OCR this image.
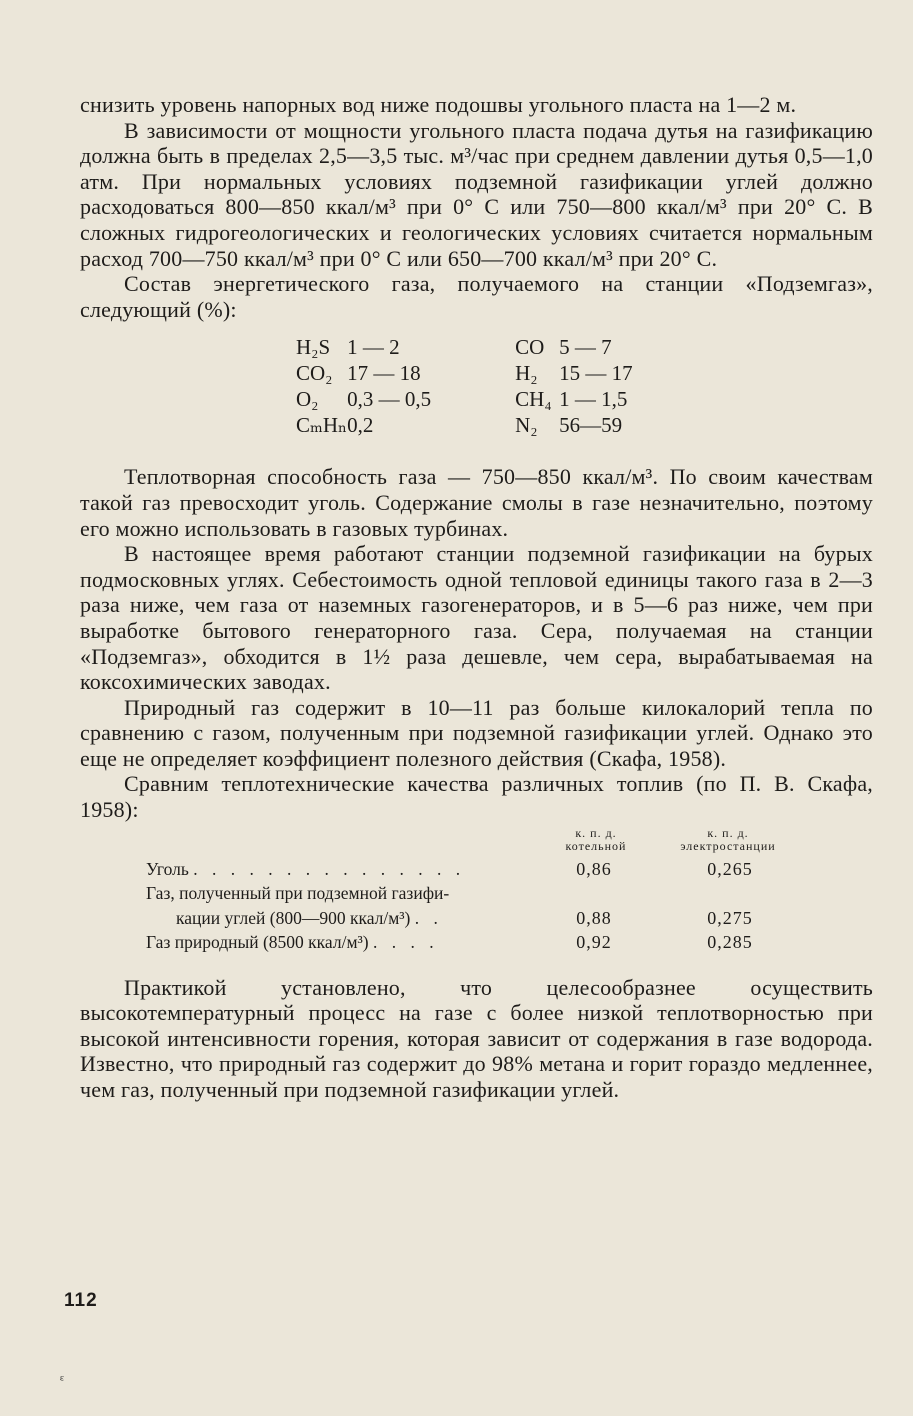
снизить уровень напорных вод ниже подошвы угольного пласта на 1—2 м.
В зависимости от мощности угольного пласта подача дутья на газификацию должна быть в пределах 2,5—3,5 тыс. м³/час при среднем давлении дутья 0,5—1,0 атм. При нормальных условиях подземной газификации углей должно расходоваться 800—850 ккал/м³ при 0° С или 750—800 ккал/м³ при 20° С. В сложных гидрогеологических и геологических условиях считается нормальным расход 700—750 ккал/м³ при 0° С или 650—700 ккал/м³ при 20° С.
Состав энергетического газа, получаемого на станции «Подземгаз», следующий (%):
H₂S	1 — 2	CO	5 — 7
CO₂	17 — 18	H₂	15 — 17
O₂	0,3 — 0,5	CH₄	1 — 1,5
CₘHₙ	0,2	N₂	56—59
Теплотворная способность газа — 750—850 ккал/м³. По своим качествам такой газ превосходит уголь. Содержание смолы в газе незначительно, поэтому его можно использовать в газовых турбинах.
В настоящее время работают станции подземной газификации на бурых подмосковных углях. Себестоимость одной тепловой единицы такого газа в 2—3 раза ниже, чем газа от наземных газогенераторов, и в 5—6 раз ниже, чем при выработке бытового генераторного газа. Сера, получаемая на станции «Подземгаз», обходится в 1½ раза дешевле, чем сера, вырабатываемая на коксохимических заводах.
Природный газ содержит в 10—11 раз больше килокалорий тепла по сравнению с газом, полученным при подземной газификации углей. Однако это еще не определяет коэффициент полезного действия (Скафа, 1958).
Сравним теплотехнические качества различных топлив (по П. В. Скафа, 1958):
к. п. д. котельной
к. п. д. электростанции
Уголь . . . . . . . . . . . . . . .	0,86	0,265
Газ, полученный при подземной газифи-
кации углей (800—900 ккал/м³) . .	0,88	0,275
Газ природный (8500 ккал/м³) . . . .	0,92	0,285
Практикой установлено, что целесообразнее осуществить высокотемпературный процесс на газе с более низкой теплотворностью при высокой интенсивности горения, которая зависит от содержания в газе водорода. Известно, что природный газ содержит до 98% метана и горит гораздо медленнее, чем газ, полученный при подземной газификации углей.
112
ᵋ
